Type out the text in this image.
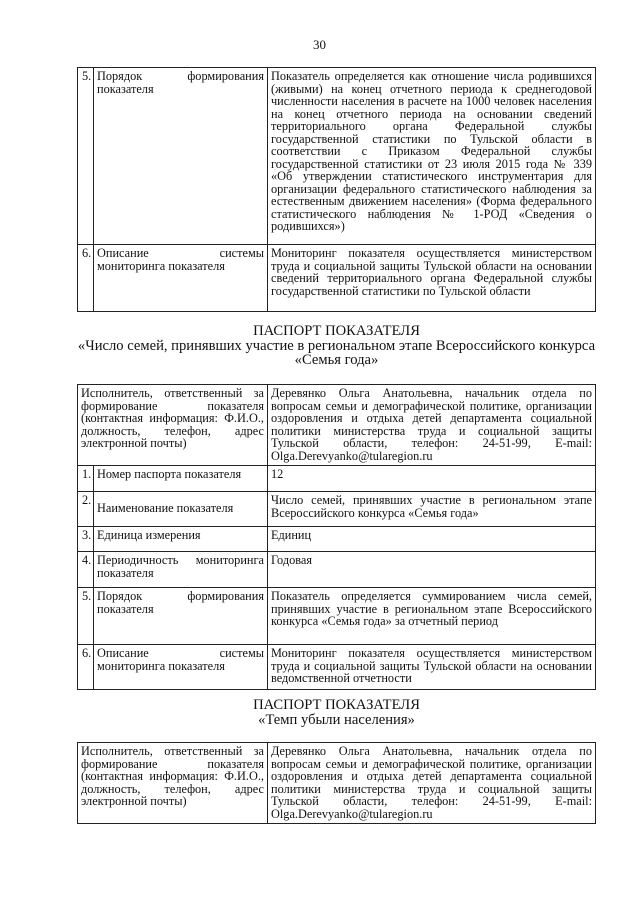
30
5.	Порядок формирования показателя	Показатель определяется как отношение числа родившихся (живыми) на конец отчетного периода к среднегодовой численности населения в расчете на 1000 человек населения на конец отчетного периода на основании сведений территориального органа Федеральной службы государственной статистики по Тульской области в соответствии с Приказом Федеральной службы государственной статистики от 23 июля 2015 года № 339 «Об утверждении статистического инструментария для организации федерального статистического наблюдения за естественным движением населения» (Форма федерального статистического наблюдения № 1-РОД «Сведения о родившихся»)
6.	Описание системы мониторинга показателя	Мониторинг показателя осуществляется министерством труда и социальной защиты Тульской области на основании сведений территориального органа Федеральной службы государственной статистики по Тульской области
ПАСПОРТ ПОКАЗАТЕЛЯ
«Число семей, принявших участие в региональном этапе Всероссийского конкурса «Семья года»
Исполнитель, ответственный за формирование показателя (контактная информация: Ф.И.О., должность, телефон, адрес электронной почты)		Деревянко Ольга Анатольевна, начальник отдела по вопросам семьи и демографической политике, организации оздоровления и отдыха детей департамента социальной политики министерства труда и социальной защиты Тульской области, телефон: 24-51-99, E-mail: Olga.Derevyanko@tularegion.ru
1.	Номер паспорта показателя	12
2.	Наименование показателя	Число семей, принявших участие в региональном этапе Всероссийского конкурса «Семья года»
3.	Единица измерения	Единиц
4.	Периодичность мониторинга показателя	Годовая
5.	Порядок формирования показателя	Показатель определяется суммированием числа семей, принявших участие в региональном этапе Всероссийского конкурса «Семья года» за отчетный период
6.	Описание системы мониторинга показателя	Мониторинг показателя осуществляется министерством труда и социальной защиты Тульской области на основании ведомственной отчетности
ПАСПОРТ ПОКАЗАТЕЛЯ
«Темп убыли населения»
Исполнитель, ответственный за формирование показателя (контактная информация: Ф.И.О., должность, телефон, адрес электронной почты)	Деревянко Ольга Анатольевна, начальник отдела по вопросам семьи и демографической политике, организации оздоровления и отдыха детей департамента социальной политики министерства труда и социальной защиты Тульской области, телефон: 24-51-99, E-mail: Olga.Derevyanko@tularegion.ru
